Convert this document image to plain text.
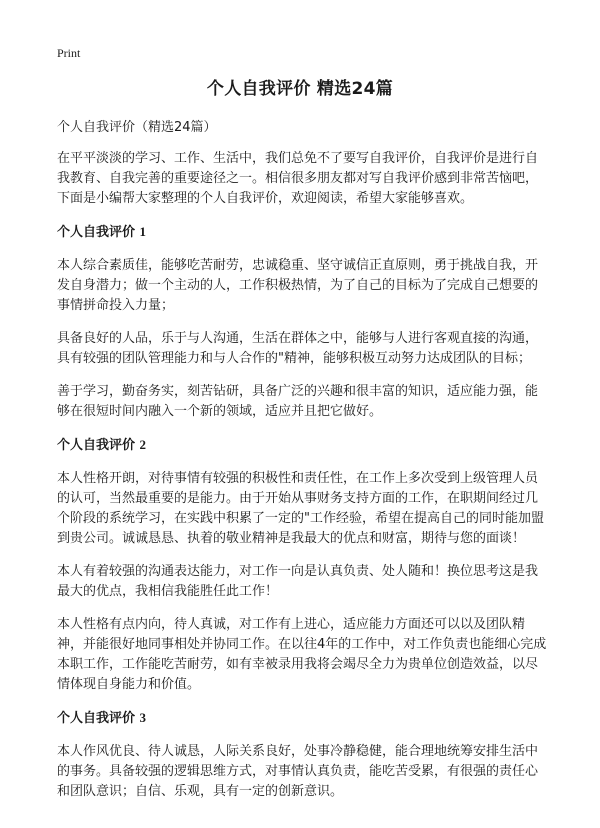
Print
个人自我评价 精选24篇
个人自我评价（精选24篇）

在平平淡淡的学习、工作、生活中，我们总免不了要写自我评价，自我评价是进行自我教育、自我完善的重要途径之一。相信很多朋友都对写自我评价感到非常苦恼吧，下面是小编帮大家整理的个人自我评价，欢迎阅读，希望大家能够喜欢。

个人自我评价 1

本人综合素质佳，能够吃苦耐劳，忠诚稳重、坚守诚信正直原则，勇于挑战自我，开发自身潜力；做一个主动的人，工作积极热情，为了自己的目标为了完成自己想要的事情拼命投入力量；

具备良好的人品，乐于与人沟通，生活在群体之中，能够与人进行客观直接的沟通，具有较强的团队管理能力和与人合作的"精神，能够积极互动努力达成团队的目标；

善于学习，勤奋务实，刻苦钻研，具备广泛的兴趣和很丰富的知识，适应能力强，能够在很短时间内融入一个新的领域，适应并且把它做好。

个人自我评价 2

本人性格开朗，对待事情有较强的积极性和责任性，在工作上多次受到上级管理人员的认可，当然最重要的是能力。由于开始从事财务支持方面的工作，在职期间经过几个阶段的系统学习，在实践中积累了一定的"工作经验，希望在提高自己的同时能加盟到贵公司。诚诚恳恳、执着的敬业精神是我最大的优点和财富，期待与您的面谈！

本人有着较强的沟通表达能力，对工作一向是认真负责、处人随和！换位思考这是我最大的优点，我相信我能胜任此工作！

本人性格有点内向，待人真诚，对工作有上进心，适应能力方面还可以以及团队精神，并能很好地同事相处并协同工作。在以往4年的工作中，对工作负责也能细心完成本职工作，工作能吃苦耐劳，如有幸被录用我将会竭尽全力为贵单位创造效益，以尽情体现自身能力和价值。

个人自我评价 3

本人作风优良、待人诚恳，人际关系良好，处事冷静稳健，能合理地统筹安排生活中的事务。具备较强的逻辑思维方式，对事情认真负责，能吃苦受累，有很强的责任心和团队意识；自信、乐观，具有一定的创新意识。
